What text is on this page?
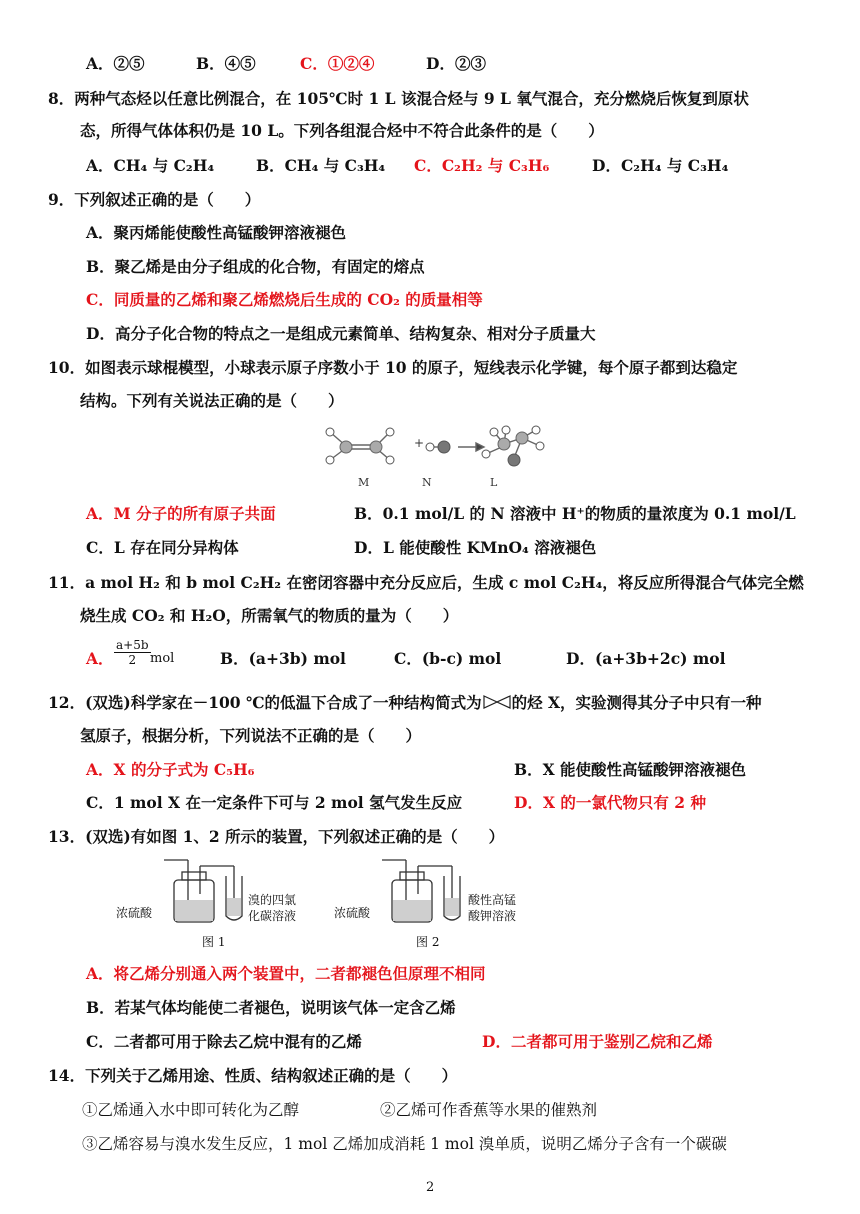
A．②⑤	B．④⑤	C．①②④	D．②③
8．两种气态烃以任意比例混合，在 105℃时 1 L 该混合烃与 9 L 氧气混合，充分燃烧后恢复到原状
态，所得气体体积仍是 10 L。下列各组混合烃中不符合此条件的是（　　）
A．CH₄ 与 C₂H₄	B．CH₄ 与 C₃H₄ C．C₂H₂ 与 C₃H₆	D．C₂H₄ 与 C₃H₄
9．下列叙述正确的是（　　）
A．聚丙烯能使酸性高锰酸钾溶液褪色
B．聚乙烯是由分子组成的化合物，有固定的熔点
C．同质量的乙烯和聚乙烯燃烧后生成的 CO₂ 的质量相等
D．高分子化合物的特点之一是组成元素简单、结构复杂、相对分子质量大
10．如图表示球棍模型，小球表示原子序数小于 10 的原子，短线表示化学键，每个原子都到达稳定
结构。下列有关说法正确的是（　　）
+
M	N	L
A．M 分子的所有原子共面	B．0.1 mol/L 的 N 溶液中 H⁺的物质的量浓度为 0.1 mol/L
C．L 存在同分异构体	D．L 能使酸性 KMnO₄ 溶液褪色
11．a mol H₂ 和 b mol C₂H₂ 在密闭容器中充分反应后，生成 c mol C₂H₄，将反应所得混合气体完全燃
烧生成 CO₂ 和 H₂O，所需氧气的物质的量为（　　）
A． $\frac{a+5b}{2}$ mol	B．(a+3b) mol	C．(b-c) mol	D．(a+3b+2c) mol
12．(双选)科学家在－100 ℃的低温下合成了一种结构简式为 的烃 X，实验测得其分子中只有一种
氢原子，根据分析，下列说法不正确的是（　　）
A．X 的分子式为 C₅H₆	B．X 能使酸性高锰酸钾溶液褪色
C．1 mol X 在一定条件下可与 2 mol 氢气发生反应	D．X 的一氯代物只有 2 种
13．(双选)有如图 1、2 所示的装置，下列叙述正确的是（　　）
浓硫酸
溴的四氯
化碳溶液
图 1
浓硫酸
酸性高锰
酸钾溶液
图 2
A．将乙烯分别通入两个装置中，二者都褪色但原理不相同
B．若某气体均能使二者褪色，说明该气体一定含乙烯
C．二者都可用于除去乙烷中混有的乙烯	D．二者都可用于鉴别乙烷和乙烯
14．下列关于乙烯用途、性质、结构叙述正确的是（　　）
①乙烯通入水中即可转化为乙醇	②乙烯可作香蕉等水果的催熟剂
③乙烯容易与溴水发生反应，1 mol 乙烯加成消耗 1 mol 溴单质，说明乙烯分子含有一个碳碳
2
